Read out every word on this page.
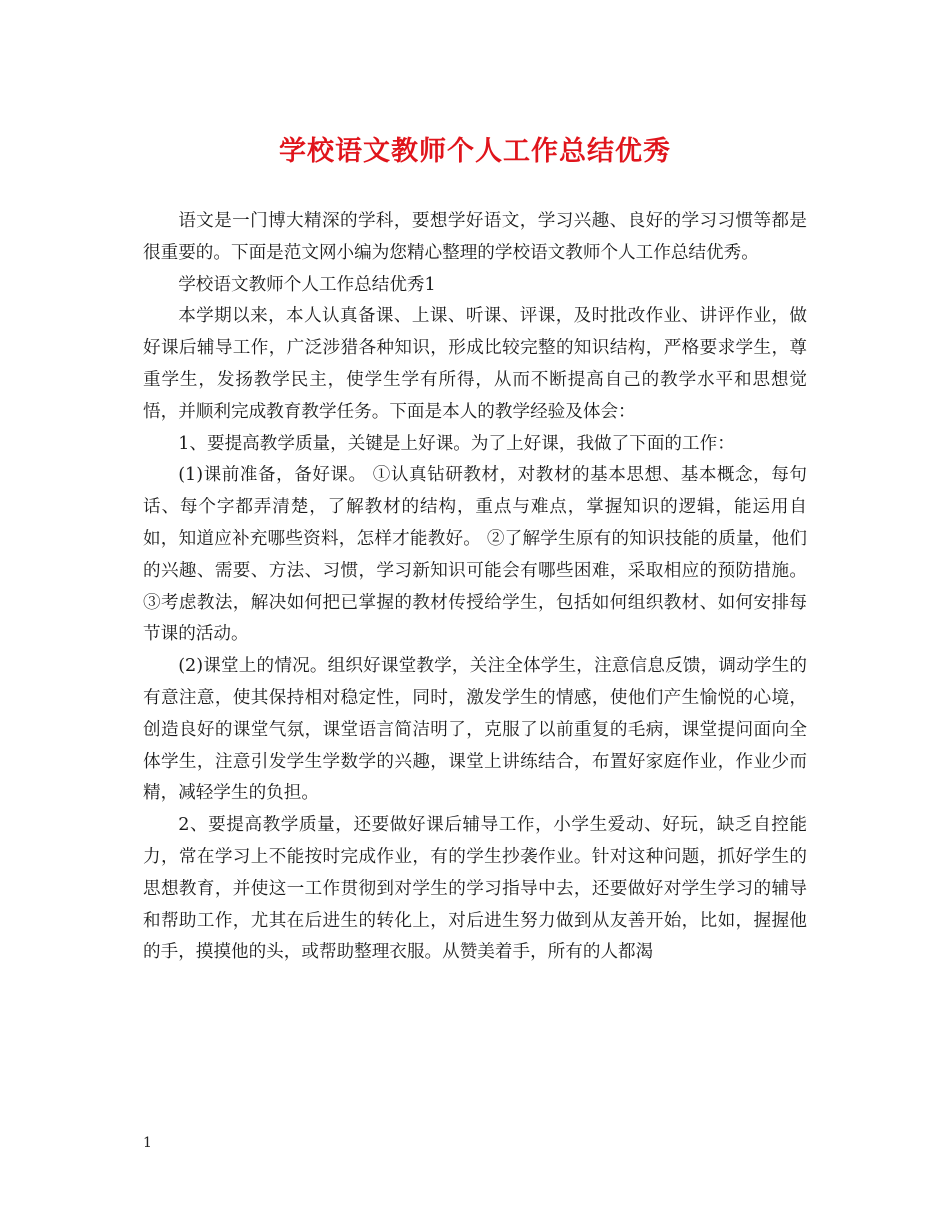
学校语文教师个人工作总结优秀

语文是一门博大精深的学科，要想学好语文，学习兴趣、良好的学习习惯等都是很重要的。下面是范文网小编为您精心整理的学校语文教师个人工作总结优秀。

学校语文教师个人工作总结优秀1

本学期以来，本人认真备课、上课、听课、评课，及时批改作业、讲评作业，做好课后辅导工作，广泛涉猎各种知识，形成比较完整的知识结构，严格要求学生，尊重学生，发扬教学民主，使学生学有所得，从而不断提高自己的教学水平和思想觉悟，并顺利完成教育教学任务。下面是本人的教学经验及体会：

1、要提高教学质量，关键是上好课。为了上好课，我做了下面的工作：

(1)课前准备，备好课。 ①认真钻研教材，对教材的基本思想、基本概念，每句话、每个字都弄清楚，了解教材的结构，重点与难点，掌握知识的逻辑，能运用自如，知道应补充哪些资料，怎样才能教好。 ②了解学生原有的知识技能的质量，他们的兴趣、需要、方法、习惯，学习新知识可能会有哪些困难，采取相应的预防措施。 ③考虑教法，解决如何把已掌握的教材传授给学生，包括如何组织教材、如何安排每节课的活动。

(2)课堂上的情况。组织好课堂教学，关注全体学生，注意信息反馈，调动学生的有意注意，使其保持相对稳定性，同时，激发学生的情感，使他们产生愉悦的心境，创造良好的课堂气氛，课堂语言简洁明了，克服了以前重复的毛病，课堂提问面向全体学生，注意引发学生学数学的兴趣，课堂上讲练结合，布置好家庭作业，作业少而精，减轻学生的负担。

2、要提高教学质量，还要做好课后辅导工作，小学生爱动、好玩，缺乏自控能力，常在学习上不能按时完成作业，有的学生抄袭作业。针对这种问题，抓好学生的思想教育，并使这一工作贯彻到对学生的学习指导中去，还要做好对学生学习的辅导和帮助工作，尤其在后进生的转化上，对后进生努力做到从友善开始，比如，握握他的手，摸摸他的头，或帮助整理衣服。从赞美着手，所有的人都渴

1
